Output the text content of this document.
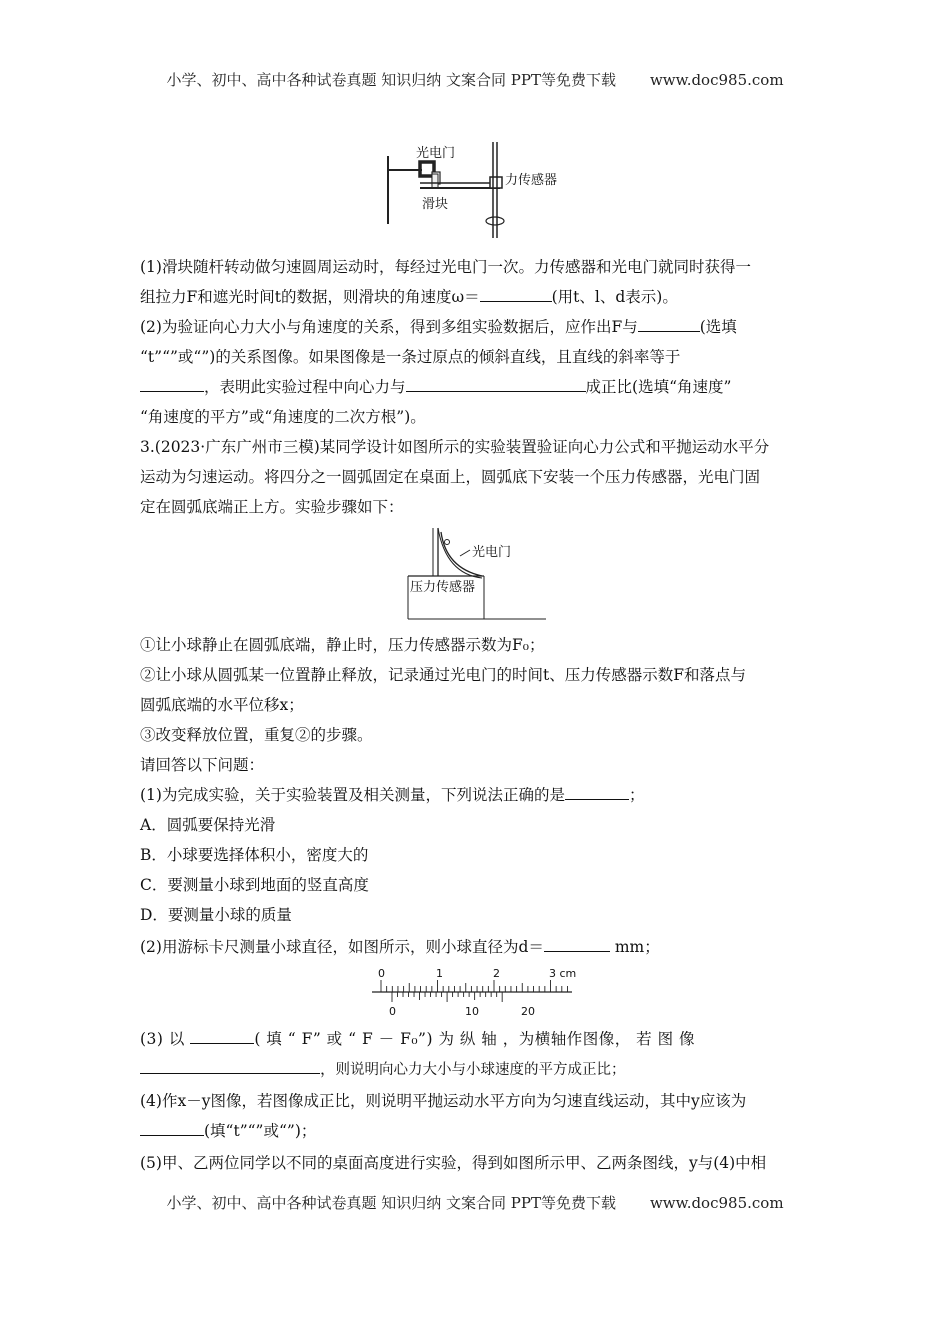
小学、初中、高中各种试卷真题 知识归纳 文案合同 PPT等免费下载 www.doc985.com
光电门
力传感器
滑块
(1)滑块随杆转动做匀速圆周运动时，每经过光电门一次。力传感器和光电门就同时获得一
组拉力F和遮光时间t的数据，则滑块的角速度ω＝	(用t、l、d表示)。
(2)为验证向心力大小与角速度的关系，得到多组实验数据后，应作出F与	(选填
“t”“”或“”)的关系图像。如果图像是一条过原点的倾斜直线，且直线的斜率等于
，表明此实验过程中向心力与	成正比(选填“角速度”
“角速度的平方”或“角速度的二次方根”)。
3.(2023·广东广州市三模)某同学设计如图所示的实验装置验证向心力公式和平抛运动水平分
运动为匀速运动。将四分之一圆弧固定在桌面上，圆弧底下安装一个压力传感器，光电门固
定在圆弧底端正上方。实验步骤如下：
光电门
压力传感器
①让小球静止在圆弧底端，静止时，压力传感器示数为F₀；
②让小球从圆弧某一位置静止释放，记录通过光电门的时间t、压力传感器示数F和落点与
圆弧底端的水平位移x；
③改变释放位置，重复②的步骤。
请回答以下问题：
(1)为完成实验，关于实验装置及相关测量，下列说法正确的是	；
A．圆弧要保持光滑
B．小球要选择体积小，密度大的
C．要测量小球到地面的竖直高度
D．要测量小球的质量
(2)用游标卡尺测量小球直径，如图所示，则小球直径为d＝	mm；
0	1	2	3 cm
0	10	20
(3) 以	( 填 “ F” 或 “ F － F₀”) 为 纵 轴 ，为横轴作图像， 若 图 像
，则说明向心力大小与小球速度的平方成正比；
(4)作x－y图像，若图像成正比，则说明平抛运动水平方向为匀速直线运动，其中y应该为
(填“t”“”或“”)；
(5)甲、乙两位同学以不同的桌面高度进行实验，得到如图所示甲、乙两条图线，y与(4)中相
小学、初中、高中各种试卷真题 知识归纳 文案合同 PPT等免费下载 www.doc985.com
